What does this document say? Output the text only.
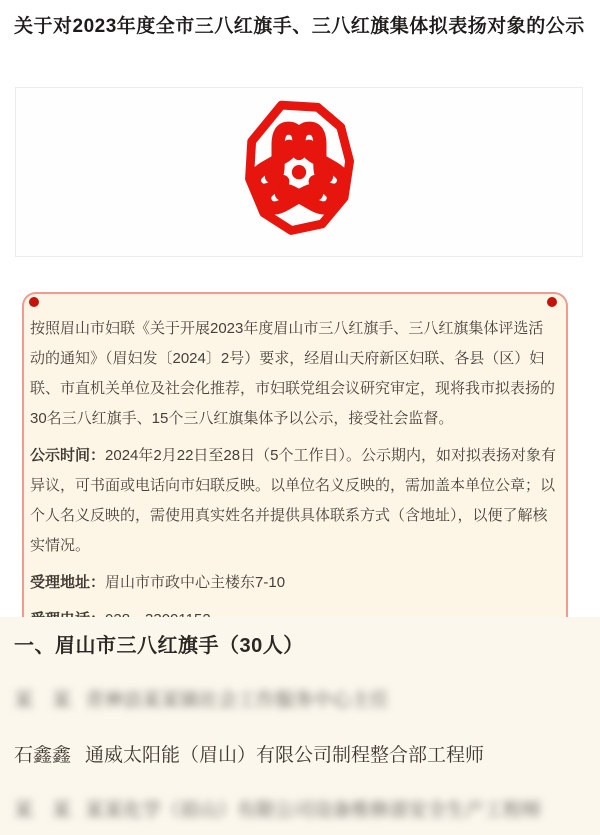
关于对2023年度全市三八红旗手、三八红旗集体拟表扬对象的公示

按照眉山市妇联《关于开展2023年度眉山市三八红旗手、三八红旗集体评选活动的通知》（眉妇发〔2024〕2号）要求，经眉山天府新区妇联、各县（区）妇联、市直机关单位及社会化推荐，市妇联党组会议研究审定，现将我市拟表扬的30名三八红旗手、15个三八红旗集体予以公示，接受社会监督。

公示时间：2024年2月22日至28日（5个工作日）。公示期内，如对拟表扬对象有异议，可书面或电话向市妇联反映。以单位名义反映的，需加盖本单位公章；以个人名义反映的，需使用真实姓名并提供具体联系方式（含地址），以便了解核实情况。

受理地址：眉山市市政中心主楼东7-10

一、眉山市三八红旗手（30人）
某　某 青神县某某镇社会工作服务中心主任
石鑫鑫 通威太阳能（眉山）有限公司制程整合部工程师
某　某 某某化学（眉山）有限公司设备维修部安全生产工程师
